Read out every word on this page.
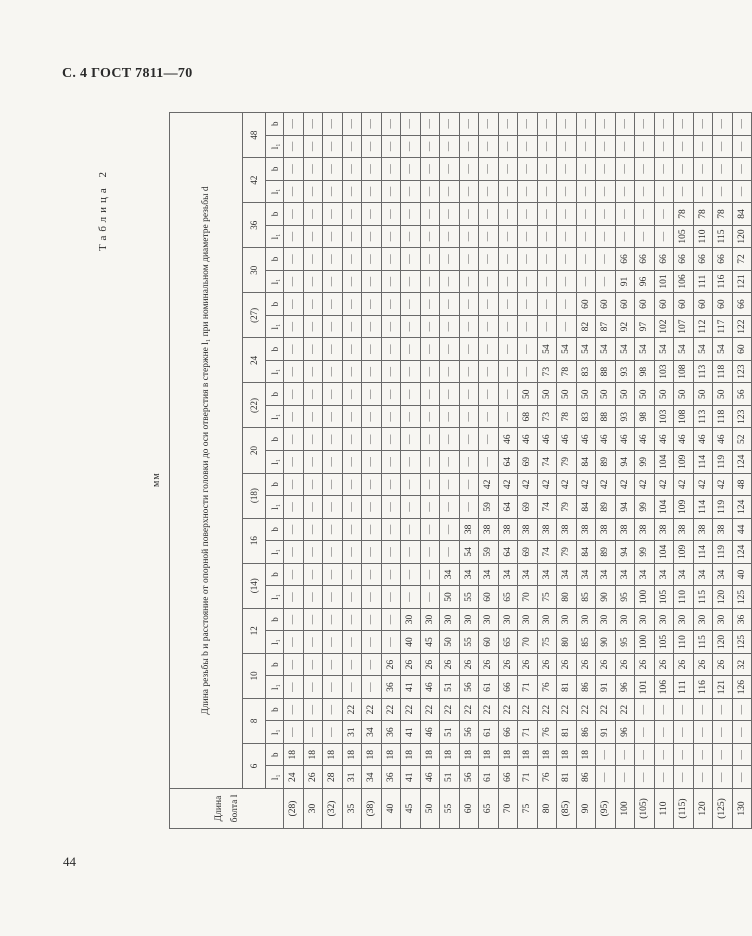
С. 4 ГОСТ 7811—70
Таблица 2
мм
Длина болта l	Длина резьбы b и расстояние от опорной поверхности головки до оси отверстия в стержне l₁ при номинальном диаметре резьбы d																													
	6		8		10		12		(14)		16		(18)		20		(22)		24		(27)		30		36		42		48	
	l₁	b	l₁	b	l₁	b	l₁	b	l₁	b	l₁	b	l₁	b	l₁	b	l₁	b	l₁	b	l₁	b	l₁	b	l₁	b	l₁	b	l₁	b
(28)	24	18	—	—	—	—	—	—	—	—	—	—	—	—	—	—	—	—	—	—	—	—	—	—	—	—	—	—	—	—
30	26	18	—	—	—	—	—	—	—	—	—	—	—	—	—	—	—	—	—	—	—	—	—	—	—	—	—	—	—	—
(32)	28	18	—	—	—	—	—	—	—	—	—	—	—	—	—	—	—	—	—	—	—	—	—	—	—	—	—	—	—	—
35	31	18	31	22	—	—	—	—	—	—	—	—	—	—	—	—	—	—	—	—	—	—	—	—	—	—	—	—	—	—
(38)	34	18	34	22	—	—	—	—	—	—	—	—	—	—	—	—	—	—	—	—	—	—	—	—	—	—	—	—	—	—
40	36	18	36	22	36	26	—	—	—	—	—	—	—	—	—	—	—	—	—	—	—	—	—	—	—	—	—	—	—	—
45	41	18	41	22	41	26	40	30	—	—	—	—	—	—	—	—	—	—	—	—	—	—	—	—	—	—	—	—	—	—
50	46	18	46	22	46	26	45	30	—	—	—	—	—	—	—	—	—	—	—	—	—	—	—	—	—	—	—	—	—	—
55	51	18	51	22	51	26	50	30	50	34	—	—	—	—	—	—	—	—	—	—	—	—	—	—	—	—	—	—	—	—
60	56	18	56	22	56	26	55	30	55	34	54	38	—	—	—	—	—	—	—	—	—	—	—	—	—	—	—	—	—	—
65	61	18	61	22	61	26	60	30	60	34	59	38	59	42	—	—	—	—	—	—	—	—	—	—	—	—	—	—	—	—
70	66	18	66	22	66	26	65	30	65	34	64	38	64	42	64	46	—	—	—	—	—	—	—	—	—	—	—	—	—	—
75	71	18	71	22	71	26	70	30	70	34	69	38	69	42	69	46	68	50	—	—	—	—	—	—	—	—	—	—	—	—
80	76	18	76	22	76	26	75	30	75	34	74	38	74	42	74	46	73	50	73	54	—	—	—	—	—	—	—	—	—	—
(85)	81	18	81	22	81	26	80	30	80	34	79	38	79	42	79	46	78	50	78	54	—	—	—	—	—	—	—	—	—	—
90	86	18	86	22	86	26	85	30	85	34	84	38	84	42	84	46	83	50	83	54	82	60	—	—	—	—	—	—	—	—
(95)	—	—	91	22	91	26	90	30	90	34	89	38	89	42	89	46	88	50	88	54	87	60	—	—	—	—	—	—	—	—
100	—	—	96	22	96	26	95	30	95	34	94	38	94	42	94	46	93	50	93	54	92	60	91	66	—	—	—	—	—	—
(105)	—	—	—	—	101	26	100	30	100	34	99	38	99	42	99	46	98	50	98	54	97	60	96	66	—	—	—	—	—	—
110	—	—	—	—	106	26	105	30	105	34	104	38	104	42	104	46	103	50	103	54	102	60	101	66	—	—	—	—	—	—
(115)	—	—	—	—	111	26	110	30	110	34	109	38	109	42	109	46	108	50	108	54	107	60	106	66	105	78	—	—	—	—
120	—	—	—	—	116	26	115	30	115	34	114	38	114	42	114	46	113	50	113	54	112	60	111	66	110	78	—	—	—	—
(125)	—	—	—	—	121	26	120	30	120	34	119	38	119	42	119	46	118	50	118	54	117	60	116	66	115	78	—	—	—	—
130	—	—	—	—	126	32	125	36	125	40	124	44	124	48	124	52	123	56	123	60	122	66	121	72	120	84	—	—	—	—
44
